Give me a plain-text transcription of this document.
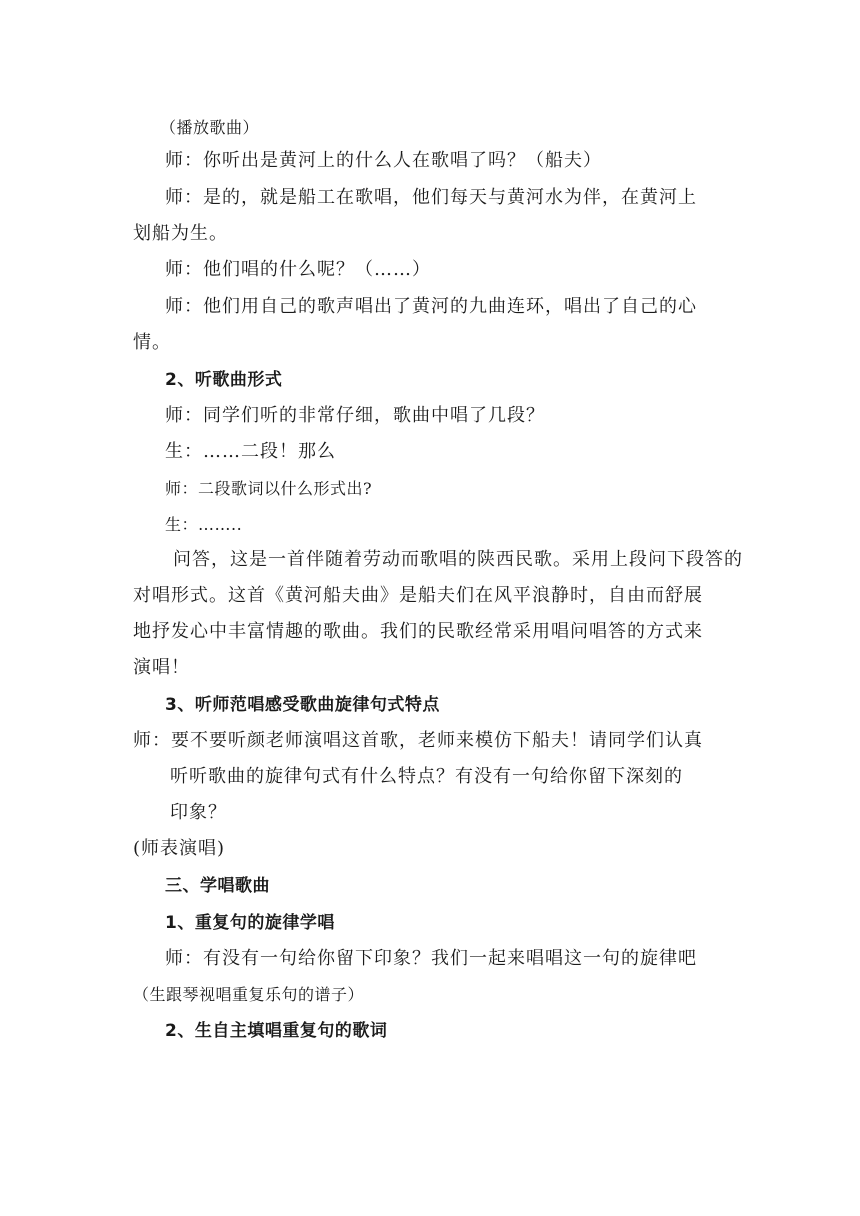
（播放歌曲）
师：你听出是黄河上的什么人在歌唱了吗？（船夫）
师：是的，就是船工在歌唱，他们每天与黄河水为伴，在黄河上
划船为生。
师：他们唱的什么呢？（……）
师：他们用自己的歌声唱出了黄河的九曲连环，唱出了自己的心
情。
2、听歌曲形式
师：同学们听的非常仔细，歌曲中唱了几段？
生：……二段！那么
师：二段歌词以什么形式出?
生：……..
问答，这是一首伴随着劳动而歌唱的陕西民歌。采用上段问下段答的
对唱形式。这首《黄河船夫曲》是船夫们在风平浪静时，自由而舒展
地抒发心中丰富情趣的歌曲。我们的民歌经常采用唱问唱答的方式来
演唱！
3、听师范唱感受歌曲旋律句式特点
师：要不要听颜老师演唱这首歌，老师来模仿下船夫！请同学们认真
听听歌曲的旋律句式有什么特点？有没有一句给你留下深刻的
印象？
(师表演唱)
三、学唱歌曲
1、重复句的旋律学唱
师：有没有一句给你留下印象？我们一起来唱唱这一句的旋律吧
（生跟琴视唱重复乐句的谱子）
2、生自主填唱重复句的歌词
